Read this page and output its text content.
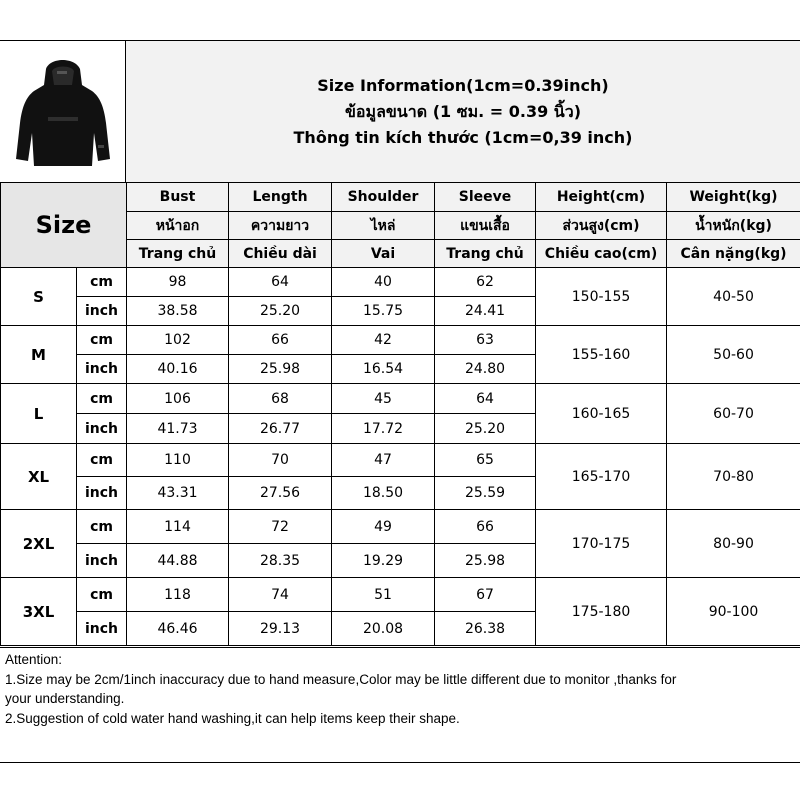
Size Information(1cm=0.39inch)
ข้อมูลขนาด (1 ซม. = 0.39 นิ้ว)
Thông tin kích thước (1cm=0,39 inch)
Size		Bust	Length	Shoulder	Sleeve	Height(cm)	Weight(kg)
		หน้าอก	ความยาว	ไหล่	แขนเสื้อ	ส่วนสูง(cm)	น้ำหนัก(kg)
		Trang chủ	Chiều dài	Vai	Trang chủ	Chiều cao(cm)	Cân nặng(kg)
S	cm	98	64	40	62	150-155	40-50
	inch	38.58	25.20	15.75	24.41		
M	cm	102	66	42	63	155-160	50-60
	inch	40.16	25.98	16.54	24.80		
L	cm	106	68	45	64	160-165	60-70
	inch	41.73	26.77	17.72	25.20		
XL	cm	110	70	47	65	165-170	70-80
	inch	43.31	27.56	18.50	25.59		
2XL	cm	114	72	49	66	170-175	80-90
	inch	44.88	28.35	19.29	25.98		
3XL	cm	118	74	51	67	175-180	90-100
	inch	46.46	29.13	20.08	26.38		
Attention:
1.Size may be 2cm/1inch inaccuracy due to hand measure,Color may be little different due to monitor ,thanks for
your understanding.
2.Suggestion of cold water hand washing,it can help items keep their shape.
